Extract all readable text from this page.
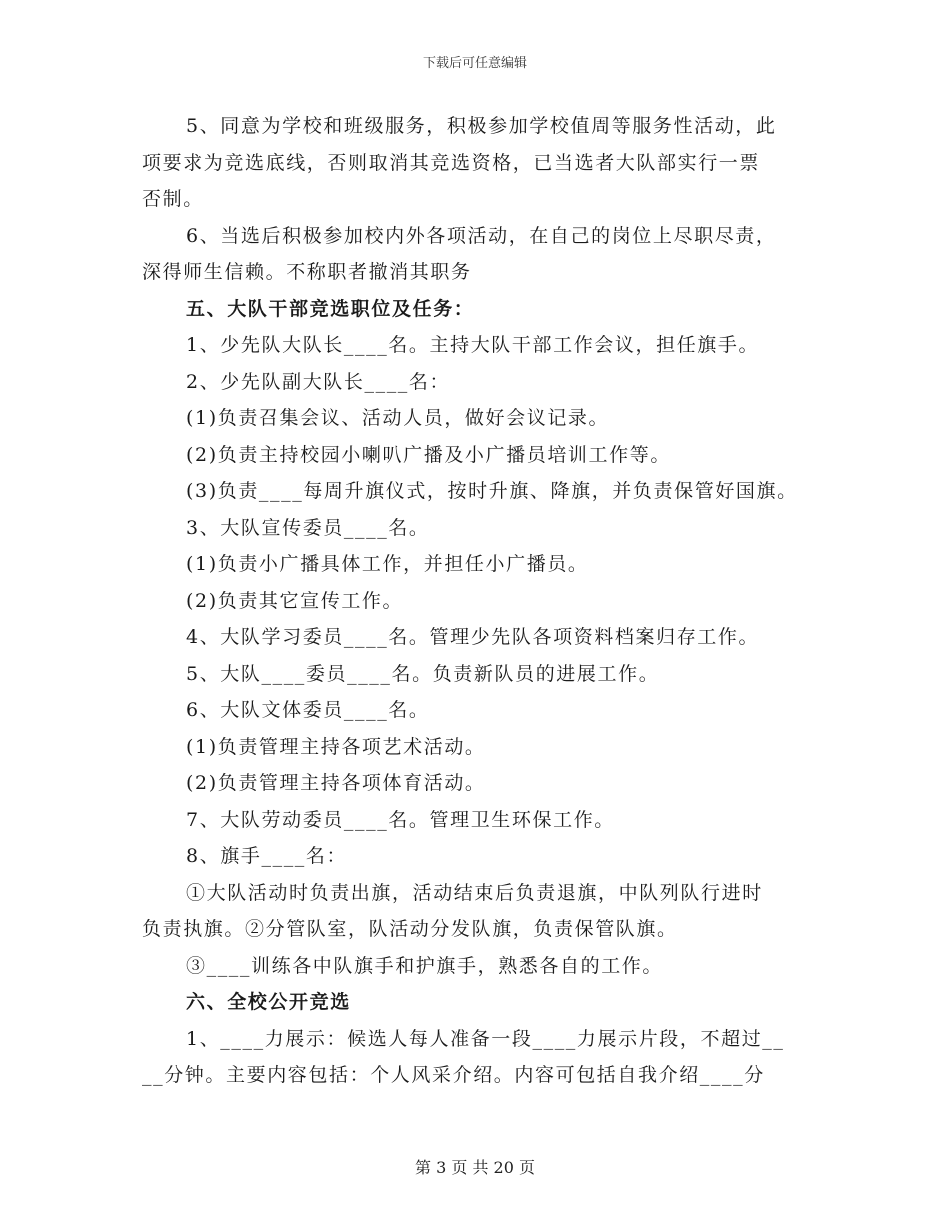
下载后可任意编辑
5、同意为学校和班级服务，积极参加学校值周等服务性活动，此
项要求为竞选底线，否则取消其竞选资格，已当选者大队部实行一票
否制。
6、当选后积极参加校内外各项活动，在自己的岗位上尽职尽责，
深得师生信赖。不称职者撤消其职务
五、大队干部竞选职位及任务：
1、少先队大队长____名。主持大队干部工作会议，担任旗手。
2、少先队副大队长____名：
(1)负责召集会议、活动人员，做好会议记录。
(2)负责主持校园小喇叭广播及小广播员培训工作等。
(3)负责____每周升旗仪式，按时升旗、降旗，并负责保管好国旗。
3、大队宣传委员____名。
(1)负责小广播具体工作，并担任小广播员。
(2)负责其它宣传工作。
4、大队学习委员____名。管理少先队各项资料档案归存工作。
5、大队____委员____名。负责新队员的进展工作。
6、大队文体委员____名。
(1)负责管理主持各项艺术活动。
(2)负责管理主持各项体育活动。
7、大队劳动委员____名。管理卫生环保工作。
8、旗手____名：
①大队活动时负责出旗，活动结束后负责退旗，中队列队行进时
负责执旗。②分管队室，队活动分发队旗，负责保管队旗。
③____训练各中队旗手和护旗手，熟悉各自的工作。
六、全校公开竞选
1、____力展示：候选人每人准备一段____力展示片段，不超过__
__分钟。主要内容包括：个人风采介绍。内容可包括自我介绍____分
第 3 页 共 20 页
